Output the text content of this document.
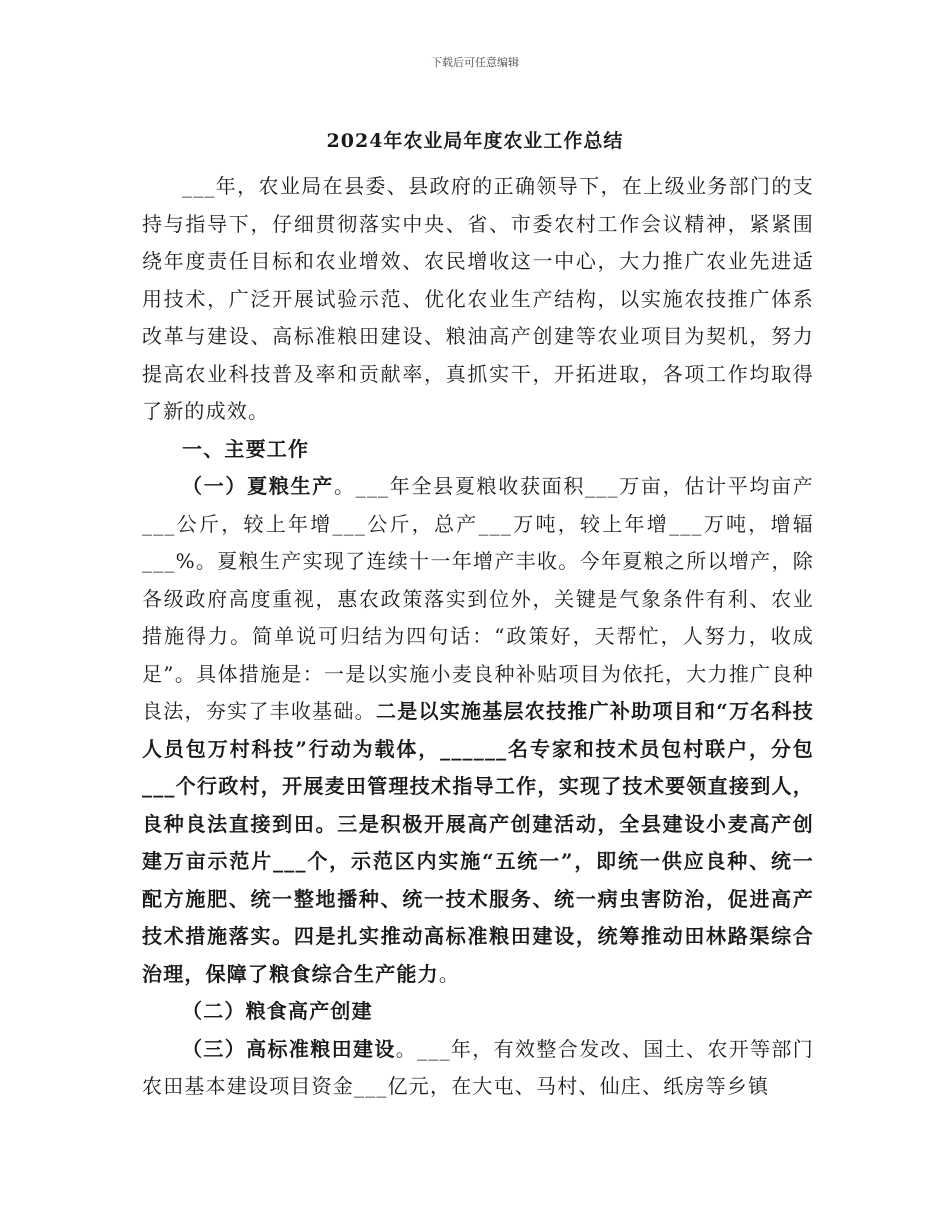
下载后可任意编辑
2024年农业局年度农业工作总结

___年，农业局在县委、县政府的正确领导下，在上级业务部门的支持与指导下，仔细贯彻落实中央、省、市委农村工作会议精神，紧紧围绕年度责任目标和农业增效、农民增收这一中心，大力推广农业先进适用技术，广泛开展试验示范、优化农业生产结构，以实施农技推广体系改革与建设、高标准粮田建设、粮油高产创建等农业项目为契机，努力提高农业科技普及率和贡献率，真抓实干，开拓进取，各项工作均取得了新的成效。

一、主要工作

（一）夏粮生产。___年全县夏粮收获面积___万亩，估计平均亩产___公斤，较上年增___公斤，总产___万吨，较上年增___万吨，增辐___%。夏粮生产实现了连续十一年增产丰收。今年夏粮之所以增产，除各级政府高度重视，惠农政策落实到位外，关键是气象条件有利、农业措施得力。简单说可归结为四句话：“政策好，天帮忙，人努力，收成足”。具体措施是：一是以实施小麦良种补贴项目为依托，大力推广良种良法，夯实了丰收基础。二是以实施基层农技推广补助项目和“万名科技人员包万村科技”行动为载体，______名专家和技术员包村联户，分包___个行政村，开展麦田管理技术指导工作，实现了技术要领直接到人，良种良法直接到田。三是积极开展高产创建活动，全县建设小麦高产创建万亩示范片___个，示范区内实施“五统一”，即统一供应良种、统一配方施肥、统一整地播种、统一技术服务、统一病虫害防治，促进高产技术措施落实。四是扎实推动高标准粮田建设，统筹推动田林路渠综合治理，保障了粮食综合生产能力。

（二）粮食高产创建

（三）高标准粮田建设。___年，有效整合发改、国土、农开等部门农田基本建设项目资金___亿元，在大屯、马村、仙庄、纸房等乡镇
